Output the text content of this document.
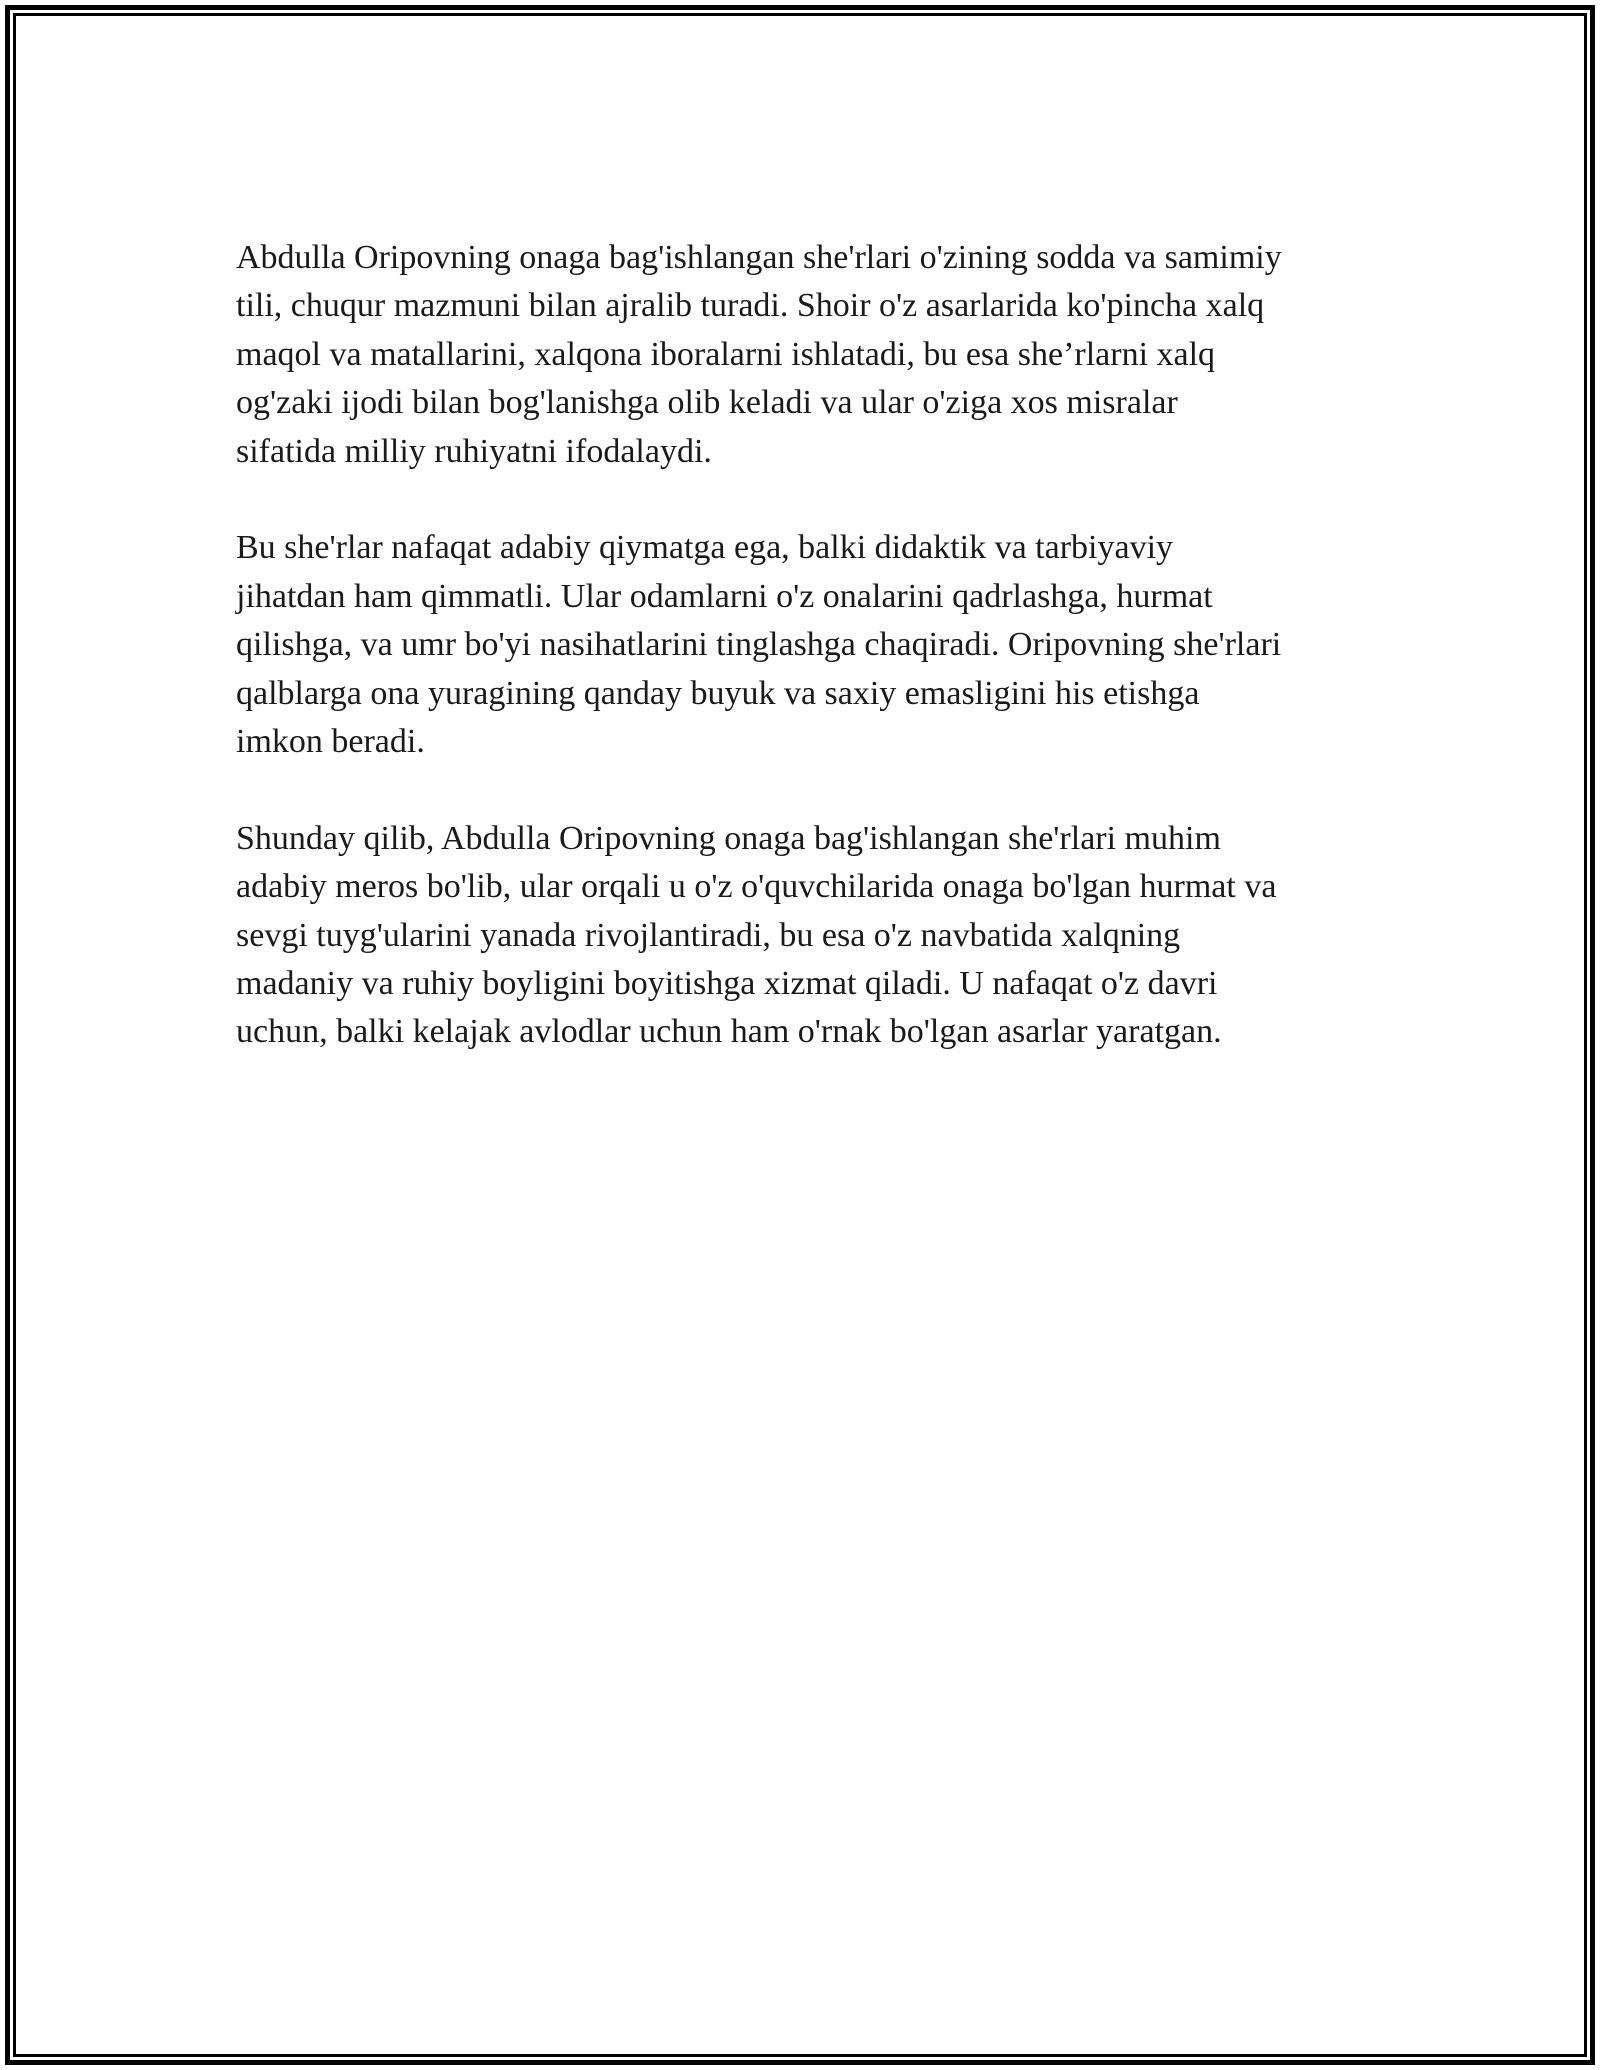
Abdulla Oripovning onaga bag'ishlangan she'rlari o'zining sodda va samimiy
tili, chuqur mazmuni bilan ajralib turadi. Shoir o'z asarlarida ko'pincha xalq
maqol va matallarini, xalqona iboralarni ishlatadi, bu esa she’rlarni xalq
og'zaki ijodi bilan bog'lanishga olib keladi va ular o'ziga xos misralar
sifatida milliy ruhiyatni ifodalaydi.

Bu she'rlar nafaqat adabiy qiymatga ega, balki didaktik va tarbiyaviy
jihatdan ham qimmatli. Ular odamlarni o'z onalarini qadrlashga, hurmat
qilishga, va umr bo'yi nasihatlarini tinglashga chaqiradi. Oripovning she'rlari
qalblarga ona yuragining qanday buyuk va saxiy emasligini his etishga
imkon beradi.

Shunday qilib, Abdulla Oripovning onaga bag'ishlangan she'rlari muhim
adabiy meros bo'lib, ular orqali u o'z o'quvchilarida onaga bo'lgan hurmat va
sevgi tuyg'ularini yanada rivojlantiradi, bu esa o'z navbatida xalqning
madaniy va ruhiy boyligini boyitishga xizmat qiladi. U nafaqat o'z davri
uchun, balki kelajak avlodlar uchun ham o'rnak bo'lgan asarlar yaratgan.
